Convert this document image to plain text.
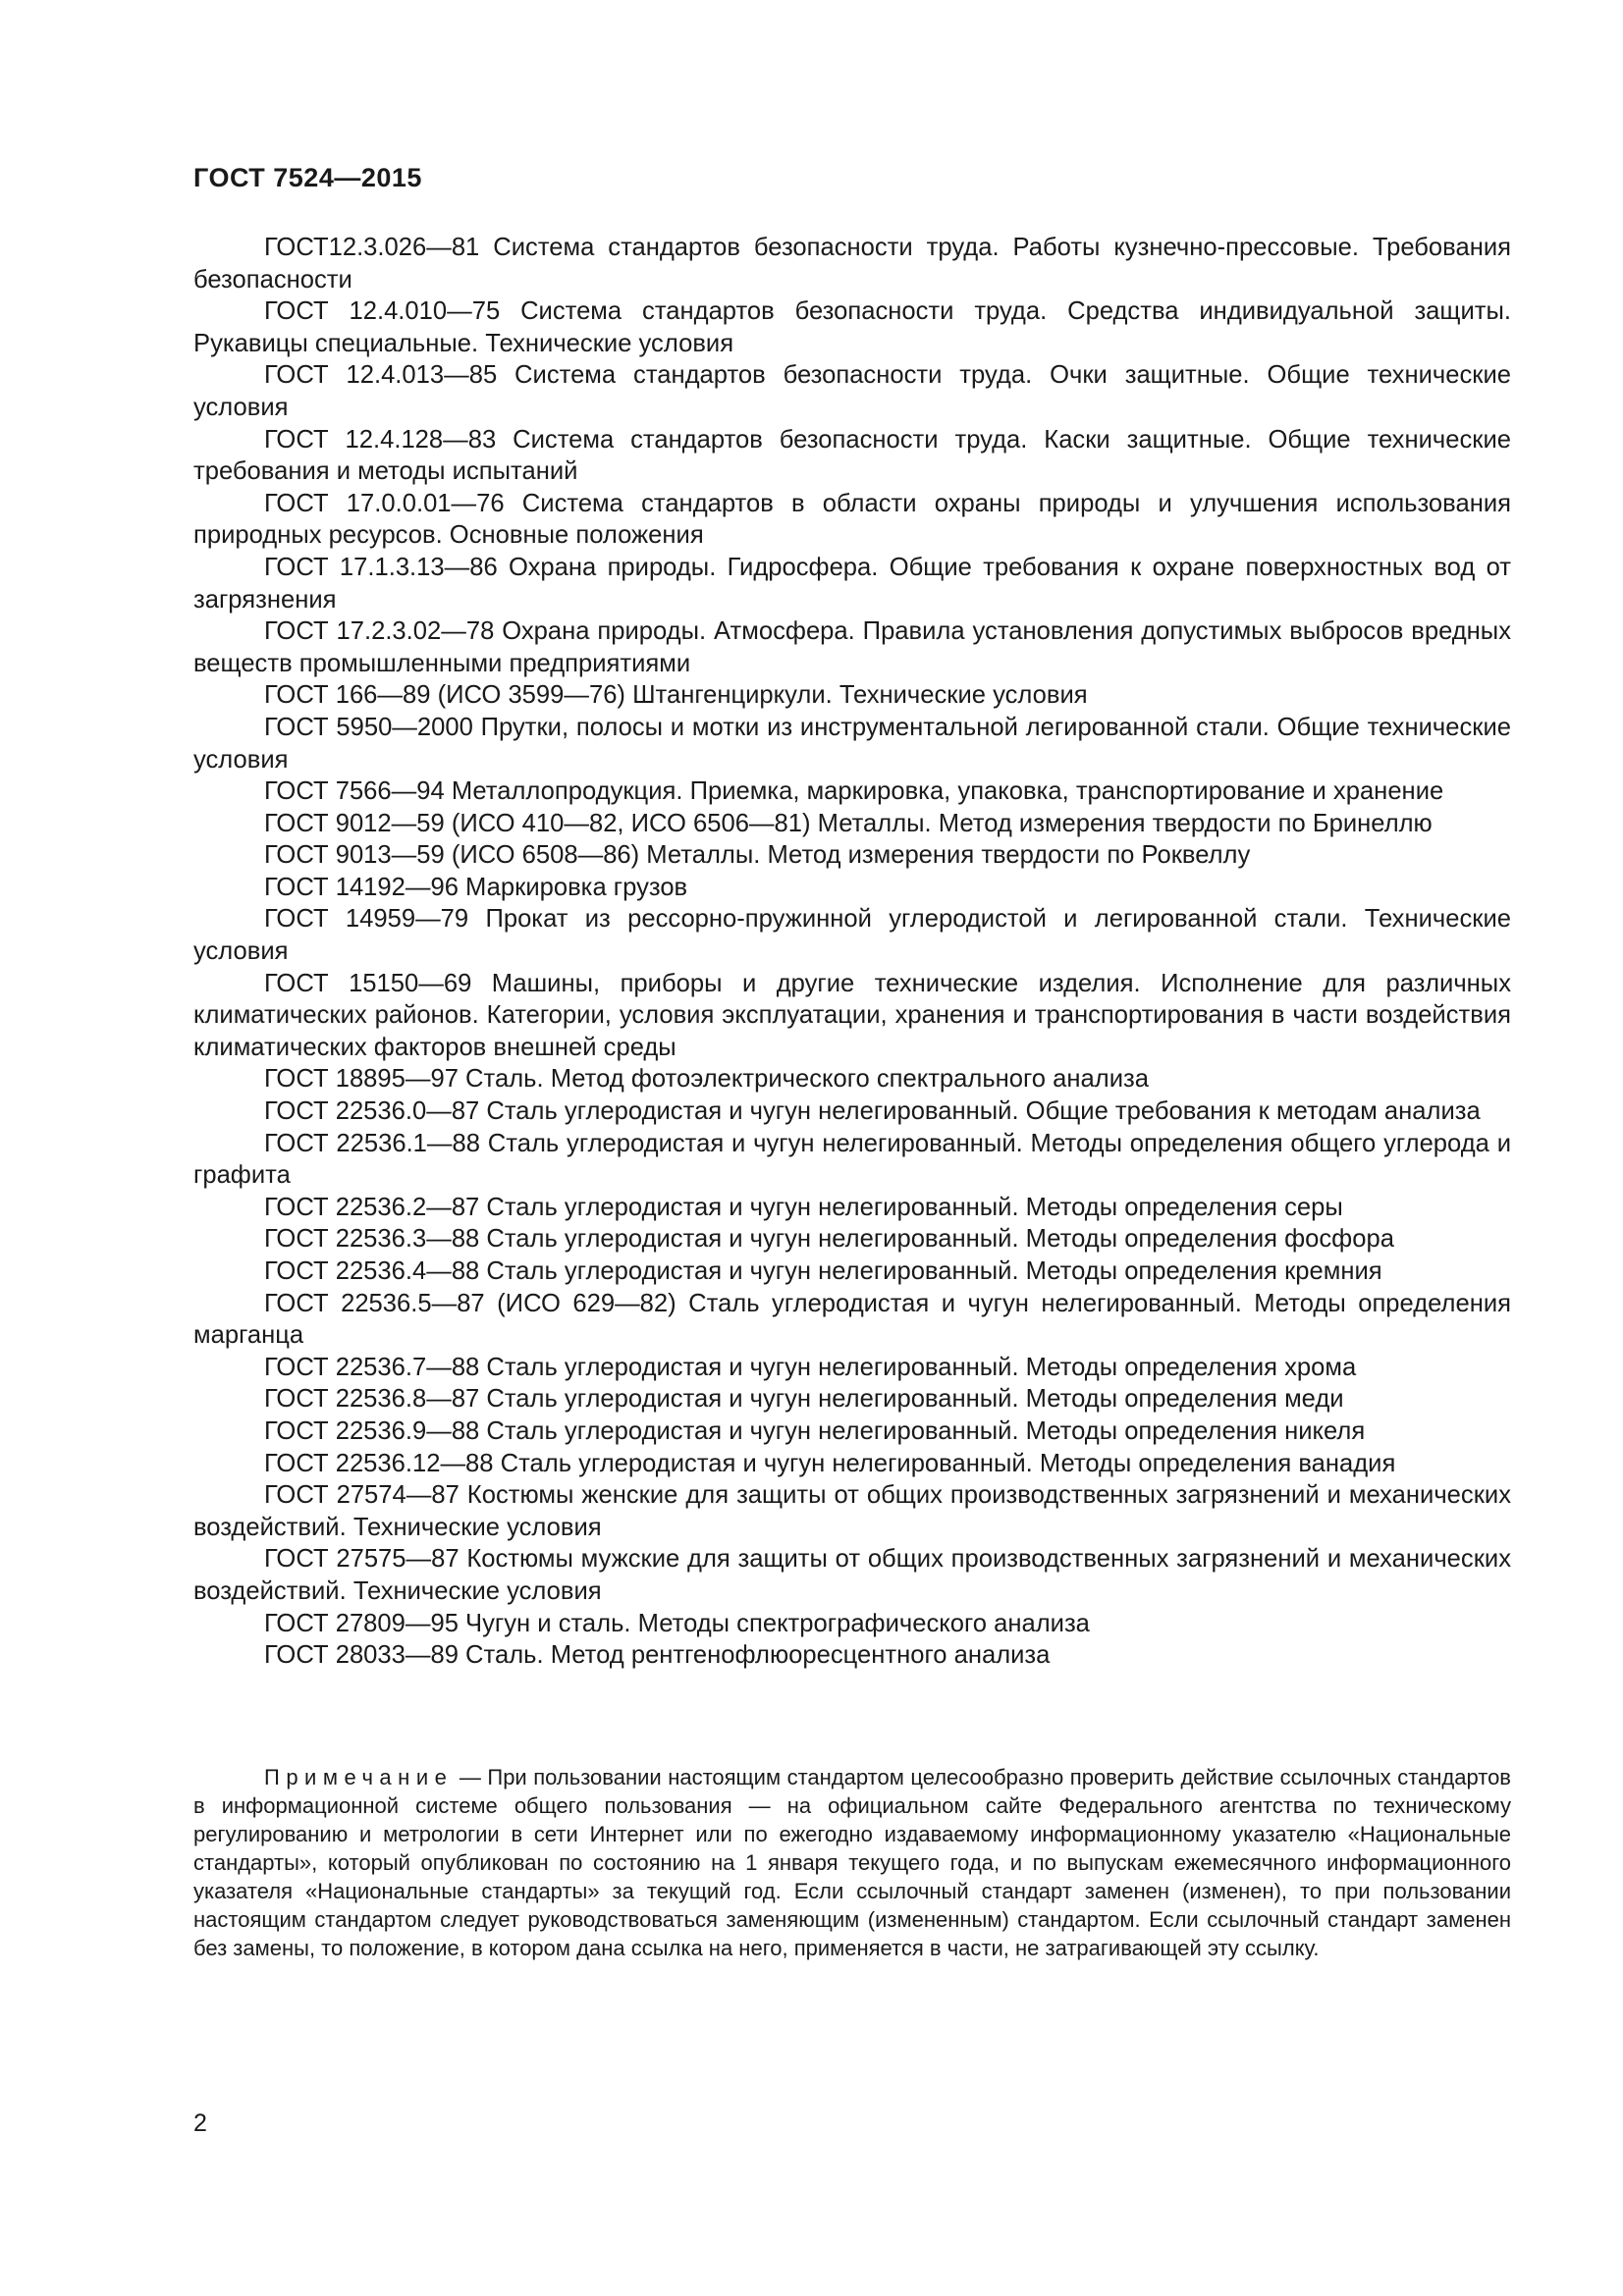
ГОСТ 7524—2015

ГОСТ12.3.026—81 Система стандартов безопасности труда. Работы кузнечно-прессовые. Требования безопасности

ГОСТ 12.4.010—75 Система стандартов безопасности труда. Средства индивидуальной защиты. Рукавицы специальные. Технические условия

ГОСТ 12.4.013—85 Система стандартов безопасности труда. Очки защитные. Общие технические условия

ГОСТ 12.4.128—83 Система стандартов безопасности труда. Каски защитные. Общие технические требования и методы испытаний

ГОСТ 17.0.0.01—76 Система стандартов в области охраны природы и улучшения использования природных ресурсов. Основные положения

ГОСТ 17.1.3.13—86 Охрана природы. Гидросфера. Общие требования к охране поверхностных вод от загрязнения

ГОСТ 17.2.3.02—78 Охрана природы. Атмосфера. Правила установления допустимых выбросов вредных веществ промышленными предприятиями

ГОСТ 166—89 (ИСО 3599—76) Штангенциркули. Технические условия

ГОСТ 5950—2000 Прутки, полосы и мотки из инструментальной легированной стали. Общие технические условия

ГОСТ 7566—94 Металлопродукция. Приемка, маркировка, упаковка, транспортирование и хранение

ГОСТ 9012—59 (ИСО 410—82, ИСО 6506—81) Металлы. Метод измерения твердости по Бринеллю

ГОСТ 9013—59 (ИСО 6508—86) Металлы. Метод измерения твердости по Роквеллу

ГОСТ 14192—96 Маркировка грузов

ГОСТ 14959—79 Прокат из рессорно-пружинной углеродистой и легированной стали. Технические условия

ГОСТ 15150—69 Машины, приборы и другие технические изделия. Исполнение для различных климатических районов. Категории, условия эксплуатации, хранения и транспортирования в части воздействия климатических факторов внешней среды

ГОСТ 18895—97 Сталь. Метод фотоэлектрического спектрального анализа

ГОСТ 22536.0—87 Сталь углеродистая и чугун нелегированный. Общие требования к методам анализа

ГОСТ 22536.1—88 Сталь углеродистая и чугун нелегированный. Методы определения общего углерода и графита

ГОСТ 22536.2—87 Сталь углеродистая и чугун нелегированный. Методы определения серы

ГОСТ 22536.3—88 Сталь углеродистая и чугун нелегированный. Методы определения фосфора

ГОСТ 22536.4—88 Сталь углеродистая и чугун нелегированный. Методы определения кремния

ГОСТ 22536.5—87 (ИСО 629—82) Сталь углеродистая и чугун нелегированный. Методы определения марганца

ГОСТ 22536.7—88 Сталь углеродистая и чугун нелегированный. Методы определения хрома

ГОСТ 22536.8—87 Сталь углеродистая и чугун нелегированный. Методы определения меди

ГОСТ 22536.9—88 Сталь углеродистая и чугун нелегированный. Методы определения никеля

ГОСТ 22536.12—88 Сталь углеродистая и чугун нелегированный. Методы определения ванадия

ГОСТ 27574—87 Костюмы женские для защиты от общих производственных загрязнений и механических воздействий. Технические условия

ГОСТ 27575—87 Костюмы мужские для защиты от общих производственных загрязнений и механических воздействий. Технические условия

ГОСТ 27809—95 Чугун и сталь. Методы спектрографического анализа

ГОСТ 28033—89 Сталь. Метод рентгенофлюоресцентного анализа

Примечание — При пользовании настоящим стандартом целесообразно проверить действие ссылочных стандартов в информационной системе общего пользования — на официальном сайте Федерального агентства по техническому регулированию и метрологии в сети Интернет или по ежегодно издаваемому информационному указателю «Национальные стандарты», который опубликован по состоянию на 1 января текущего года, и по выпускам ежемесячного информационного указателя «Национальные стандарты» за текущий год. Если ссылочный стандарт заменен (изменен), то при пользовании настоящим стандартом следует руководствоваться заменяющим (измененным) стандартом. Если ссылочный стандарт заменен без замены, то положение, в котором дана ссылка на него, применяется в части, не затрагивающей эту ссылку.

2
